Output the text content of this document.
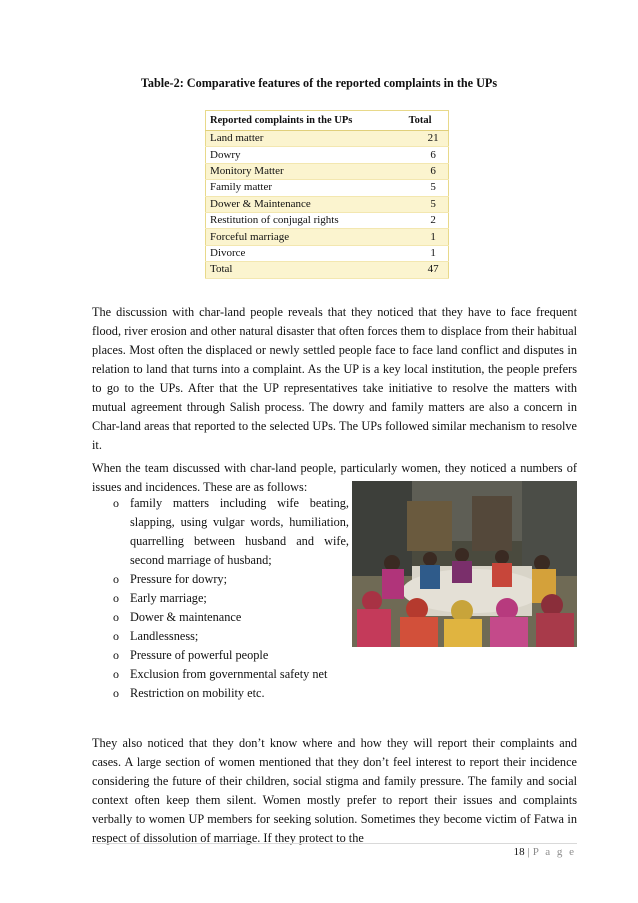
Table-2: Comparative features of the reported complaints in the UPs
Reported complaints in the UPs	Total
Land matter	21
Dowry	6
Monitory Matter	6
Family matter	5
Dower & Maintenance	5
Restitution of conjugal rights	2
Forceful marriage	1
Divorce	1
Total	47

The discussion with char-land people reveals that they noticed that they have to face frequent flood, river erosion and other natural disaster that often forces them to displace from their habitual places. Most often the displaced or newly settled people face to face land conflict and disputes in relation to land that turns into a complaint. As the UP is a key local institution, the people prefers to go to the UPs. After that the UP representatives take initiative to resolve the matters with mutual agreement through Salish process. The dowry and family matters are also a concern in Char-land areas that reported to the selected UPs. The UPs followed similar mechanism to resolve it.

When the team discussed with char-land people, particularly women, they noticed a numbers of issues and incidences. These are as follows:

o family matters including wife beating, slapping, using vulgar words, humiliation, quarrelling between husband and wife, second marriage of husband;
o Pressure for dowry;
o Early marriage;
o Dower & maintenance
o Landlessness;
o Pressure of powerful people
o Exclusion from governmental safety net
o Restriction on mobility etc.

They also noticed that they don’t know where and how they will report their complaints and cases. A large section of women mentioned that they don’t feel interest to report their incidence considering the future of their children, social stigma and family pressure. The family and social context often keep them silent. Women mostly prefer to report their issues and complaints verbally to women UP members for seeking solution. Sometimes they become victim of Fatwa in respect of dissolution of marriage. If they protect to the

18 | P a g e
